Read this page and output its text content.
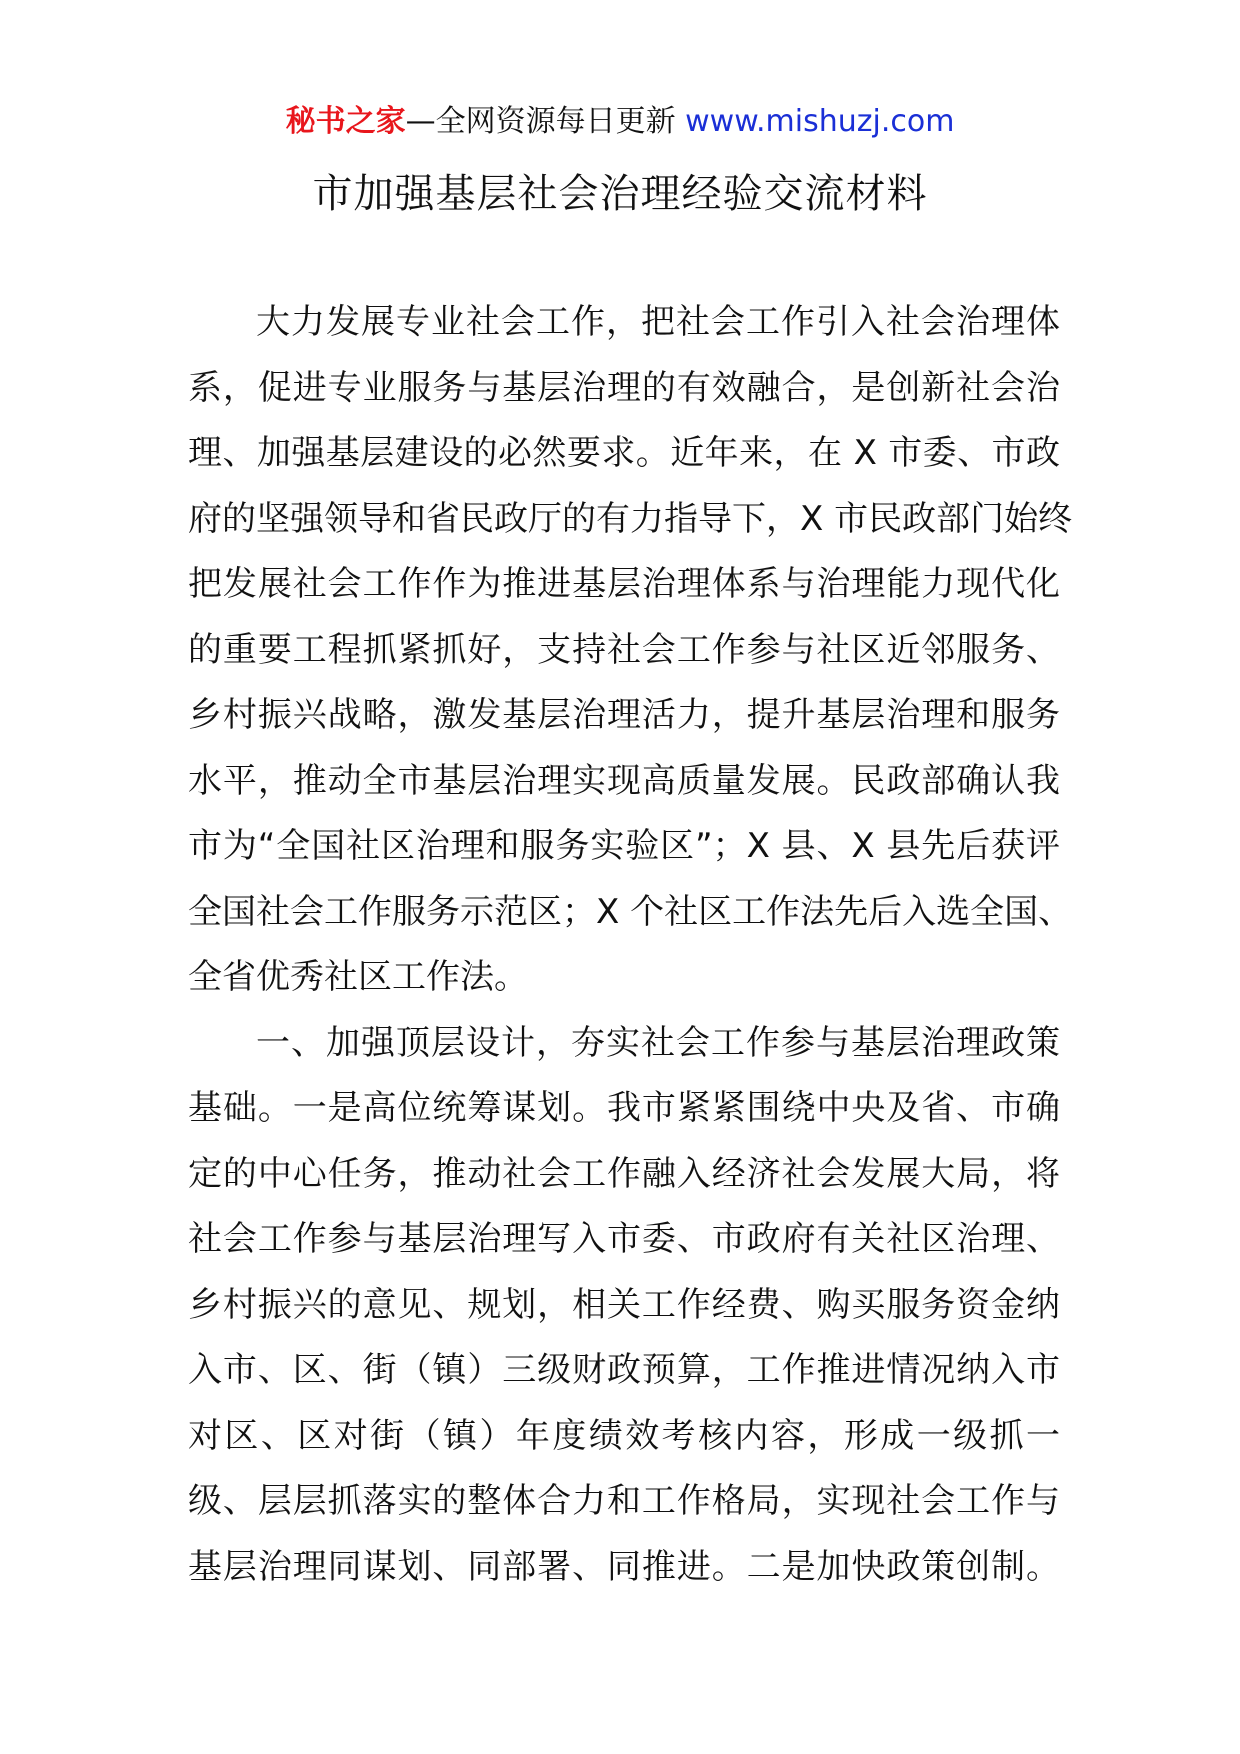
秘书之家—全网资源每日更新 www.mishuzj.com
市加强基层社会治理经验交流材料
大力发展专业社会工作，把社会工作引入社会治理体
系，促进专业服务与基层治理的有效融合，是创新社会治
理、加强基层建设的必然要求。近年来，在 X 市委、市政
府的坚强领导和省民政厅的有力指导下，X 市民政部门始终
把发展社会工作作为推进基层治理体系与治理能力现代化
的重要工程抓紧抓好，支持社会工作参与社区近邻服务、
乡村振兴战略，激发基层治理活力，提升基层治理和服务
水平，推动全市基层治理实现高质量发展。民政部确认我
市为“全国社区治理和服务实验区”；X 县、X 县先后获评
全国社会工作服务示范区；X 个社区工作法先后入选全国、
全省优秀社区工作法。
一、加强顶层设计，夯实社会工作参与基层治理政策
基础。一是高位统筹谋划。我市紧紧围绕中央及省、市确
定的中心任务，推动社会工作融入经济社会发展大局，将
社会工作参与基层治理写入市委、市政府有关社区治理、
乡村振兴的意见、规划，相关工作经费、购买服务资金纳
入市、区、街（镇）三级财政预算，工作推进情况纳入市
对区、区对街（镇）年度绩效考核内容，形成一级抓一
级、层层抓落实的整体合力和工作格局，实现社会工作与
基层治理同谋划、同部署、同推进。二是加快政策创制。
